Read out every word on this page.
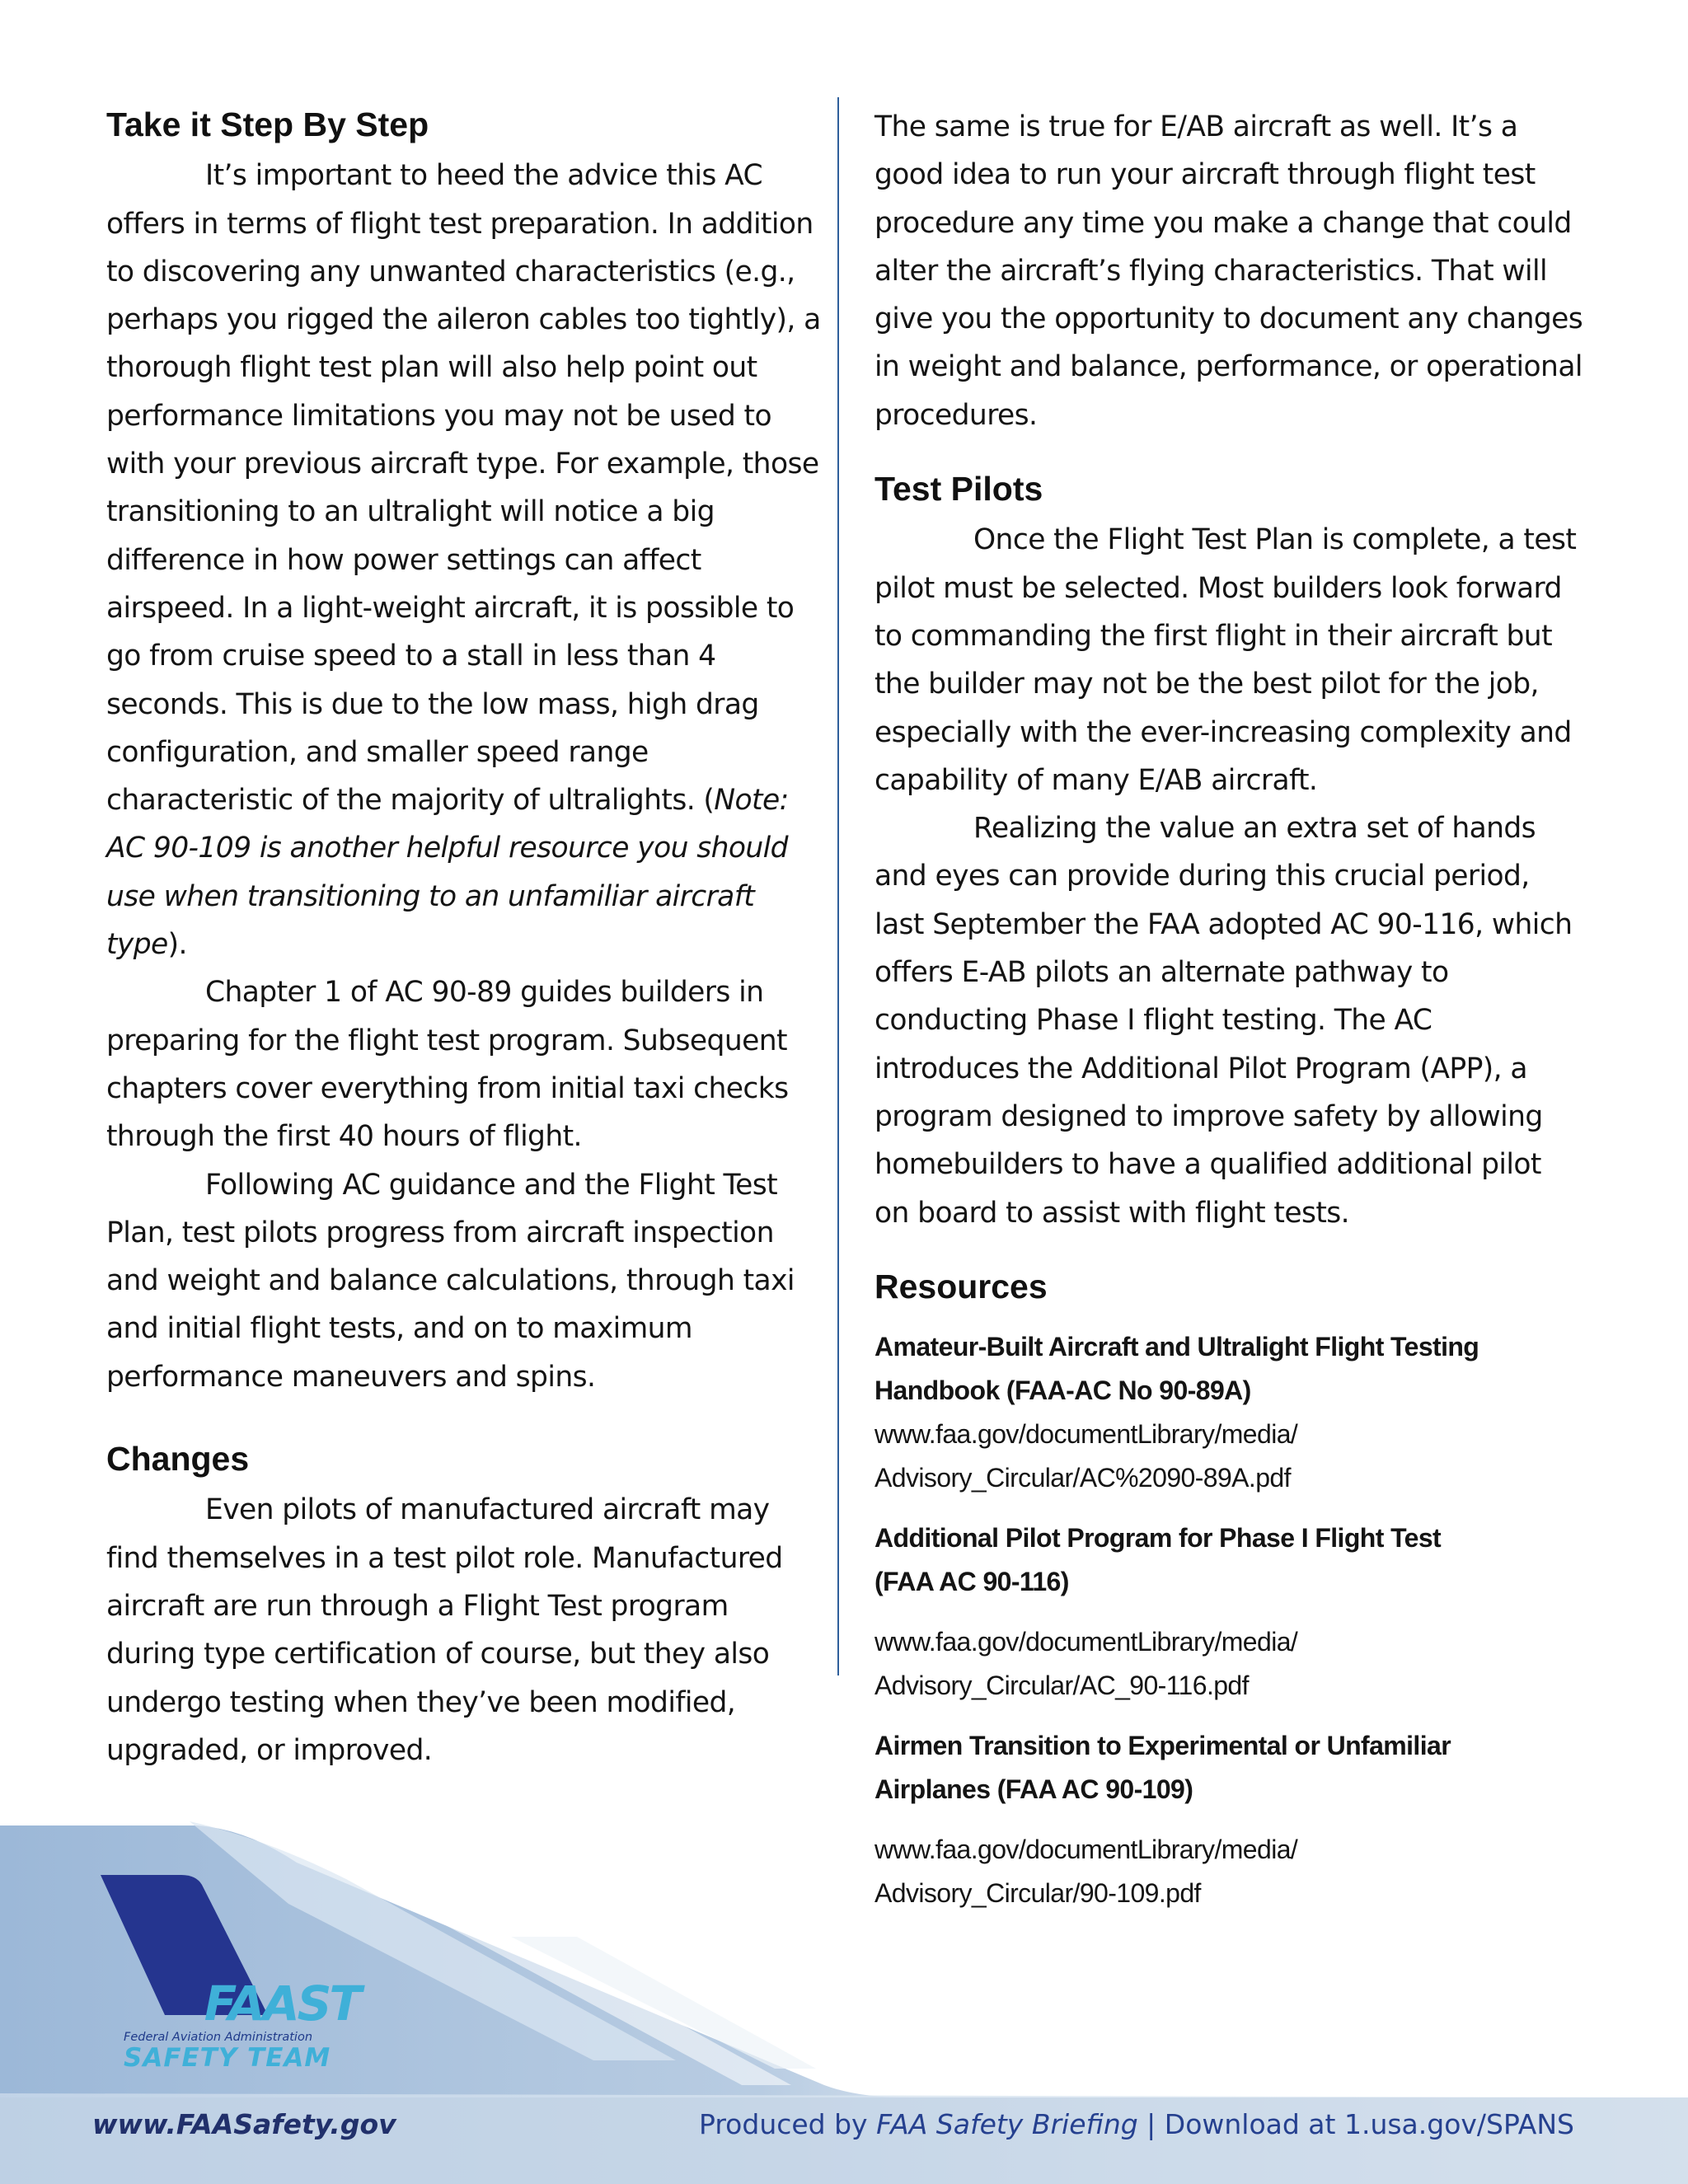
Take it Step By Step

It’s important to heed the advice this AC offers in terms of flight test preparation. In addition to discovering any unwanted characteristics (e.g., perhaps you rigged the aileron cables too tightly), a thorough flight test plan will also help point out performance limitations you may not be used to with your previous aircraft type. For example, those transitioning to an ultralight will notice a big difference in how power settings can affect airspeed. In a light-weight aircraft, it is possible to go from cruise speed to a stall in less than 4 seconds. This is due to the low mass, high drag configuration, and smaller speed range characteristic of the majority of ultralights. (Note: AC 90-109 is another helpful resource you should use when transitioning to an unfamiliar aircraft type).

Chapter 1 of AC 90-89 guides builders in preparing for the flight test program. Subsequent chapters cover everything from initial taxi checks through the first 40 hours of flight.

Following AC guidance and the Flight Test Plan, test pilots progress from aircraft inspection and weight and balance calculations, through taxi and initial flight tests, and on to maximum performance maneuvers and spins.

Changes

Even pilots of manufactured aircraft may find themselves in a test pilot role. Manufactured aircraft are run through a Flight Test program during type certification of course, but they also undergo testing when they’ve been modified, upgraded, or improved.

The same is true for E/AB aircraft as well. It’s a good idea to run your aircraft through flight test procedure any time you make a change that could alter the aircraft’s flying characteristics. That will give you the opportunity to document any changes in weight and balance, performance, or operational procedures.

Test Pilots

Once the Flight Test Plan is complete, a test pilot must be selected. Most builders look forward to commanding the first flight in their aircraft but the builder may not be the best pilot for the job, especially with the ever-increasing complexity and capability of many E/AB aircraft.

Realizing the value an extra set of hands and eyes can provide during this crucial period, last September the FAA adopted AC 90-116, which offers E-AB pilots an alternate pathway to conducting Phase I flight testing. The AC introduces the Additional Pilot Program (APP), a program designed to improve safety by allowing homebuilders to have a qualified additional pilot on board to assist with flight tests.

Resources
Amateur-Built Aircraft and Ultralight Flight Testing
Handbook (FAA-AC No 90-89A)
www.faa.gov/documentLibrary/media/
Advisory_Circular/AC%2090-89A.pdf
Additional Pilot Program for Phase I Flight Test
(FAA AC 90-116)
www.faa.gov/documentLibrary/media/
Advisory_Circular/AC_90-116.pdf
Airmen Transition to Experimental or Unfamiliar
Airplanes (FAA AC 90-109)
www.faa.gov/documentLibrary/media/
Advisory_Circular/90-109.pdf
FAAST
Federal Aviation Administration
SAFETY TEAM
www.FAASafety.gov	Produced by FAA Safety Briefing | Download at 1.usa.gov/SPANS
